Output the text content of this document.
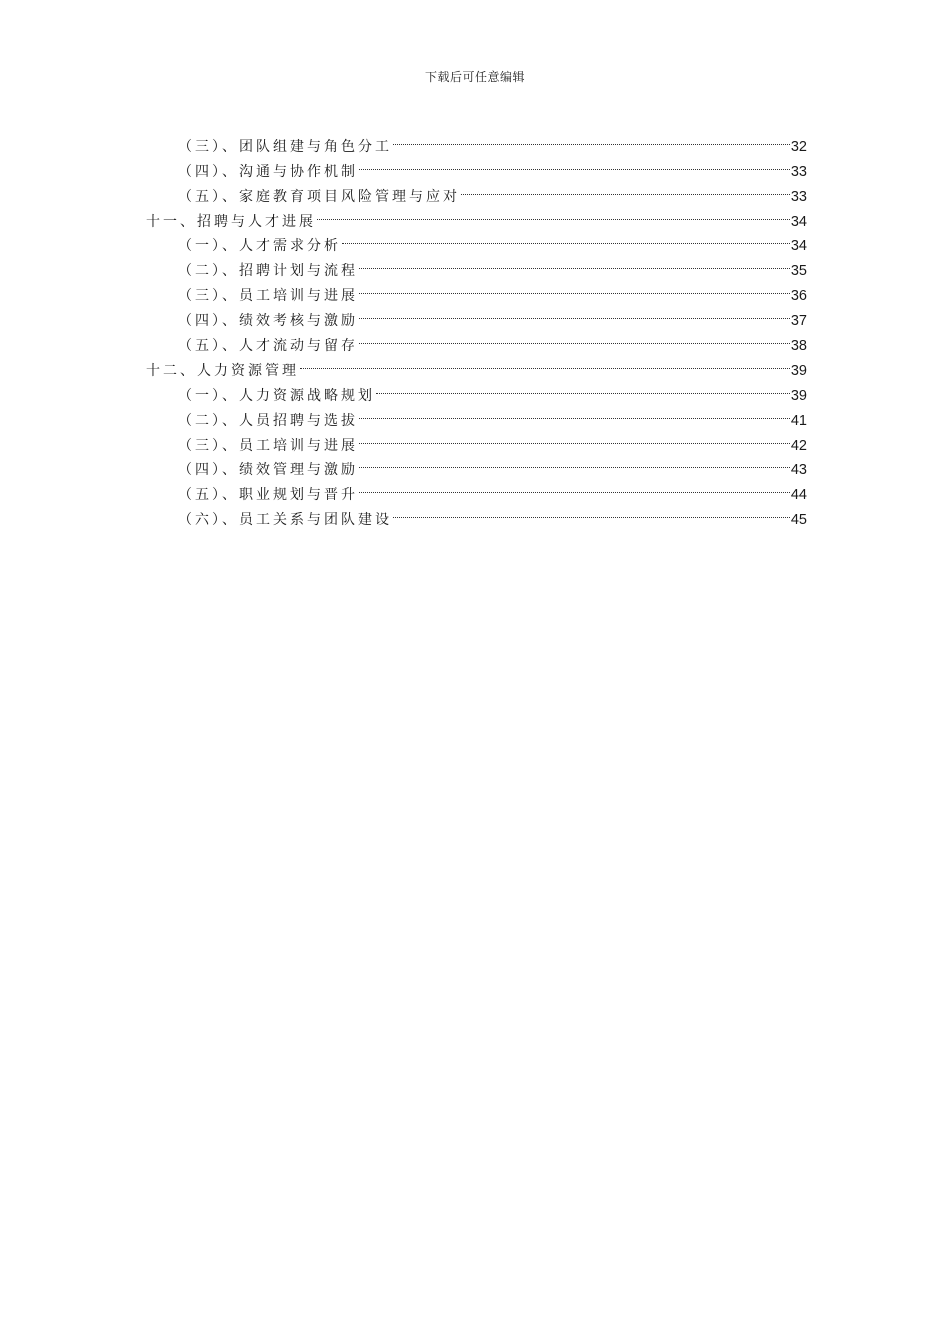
下载后可任意编辑
（三）、团队组建与角色分工	32
（四）、沟通与协作机制	33
（五）、家庭教育项目风险管理与应对	33
十一、招聘与人才进展	34
（一）、人才需求分析	34
（二）、招聘计划与流程	35
（三）、员工培训与进展	36
（四）、绩效考核与激励	37
（五）、人才流动与留存	38
十二、人力资源管理	39
（一）、人力资源战略规划	39
（二）、人员招聘与选拔	41
（三）、员工培训与进展	42
（四）、绩效管理与激励	43
（五）、职业规划与晋升	44
（六）、员工关系与团队建设	45
